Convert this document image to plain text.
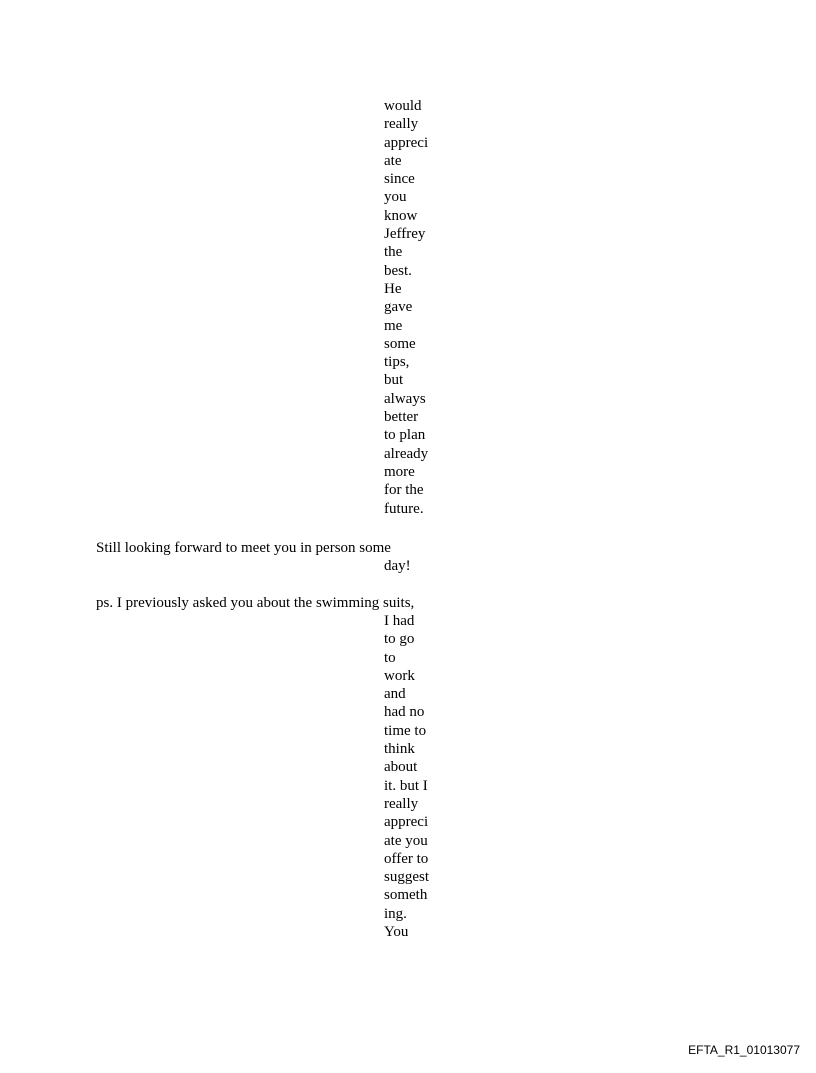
would
really
appreci
ate
since
you
know
Jeffrey
the
best.
He
gave
me
some
tips,
but
always
better
to plan
already
more
for the
future.

Still looking forward to meet you in person some

day!

ps. I previously asked you about the swimming suits,

I had
to go
to
work
and
had no
time to
think
about
it. but I
really
appreci
ate you
offer to
suggest
someth
ing.
You
EFTA_R1_01013077
